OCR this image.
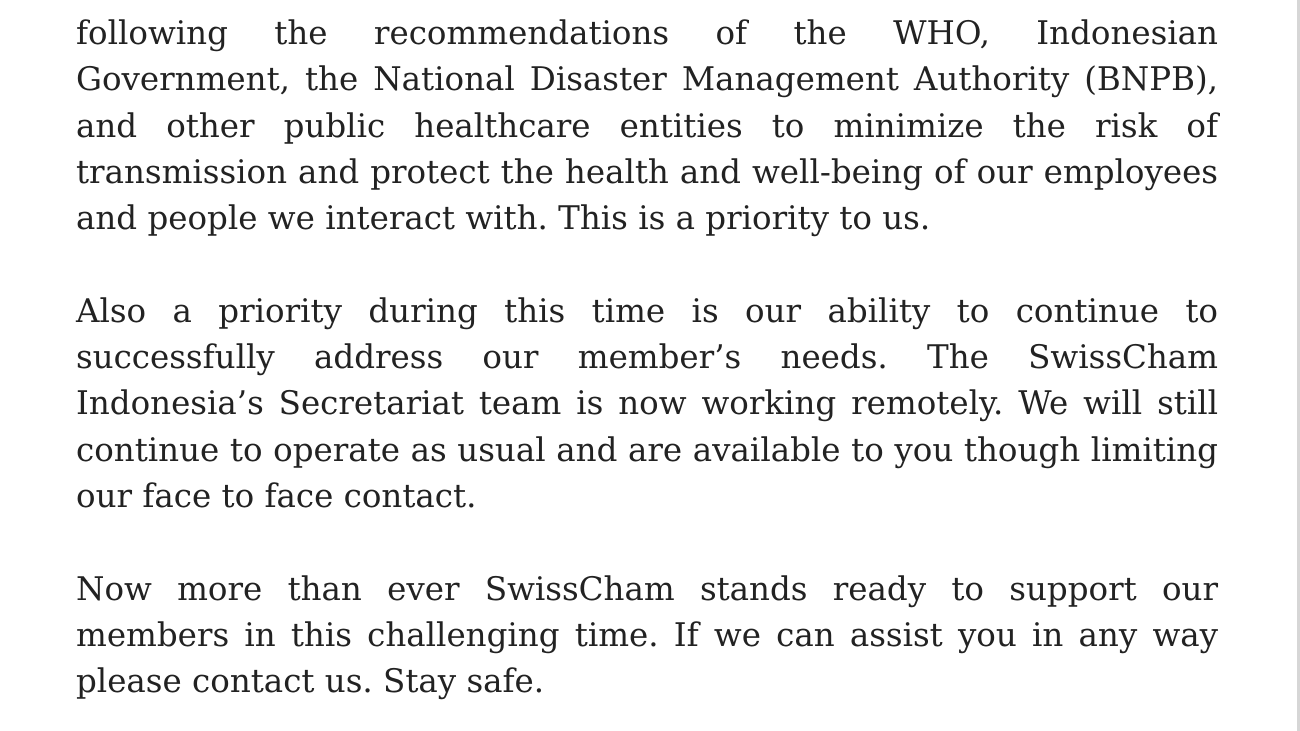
following the recommendations of the WHO, Indonesian Government, the National Disaster Management Authority (BNPB), and other public healthcare entities to minimize the risk of transmission and protect the health and well-being of our employees and people we interact with. This is a priority to us.

Also a priority during this time is our ability to continue to successfully address our member’s needs. The SwissCham Indonesia’s Secretariat team is now working remotely. We will still continue to operate as usual and are available to you though limiting our face to face contact.

Now more than ever SwissCham stands ready to support our members in this challenging time. If we can assist you in any way please contact us. Stay safe.
